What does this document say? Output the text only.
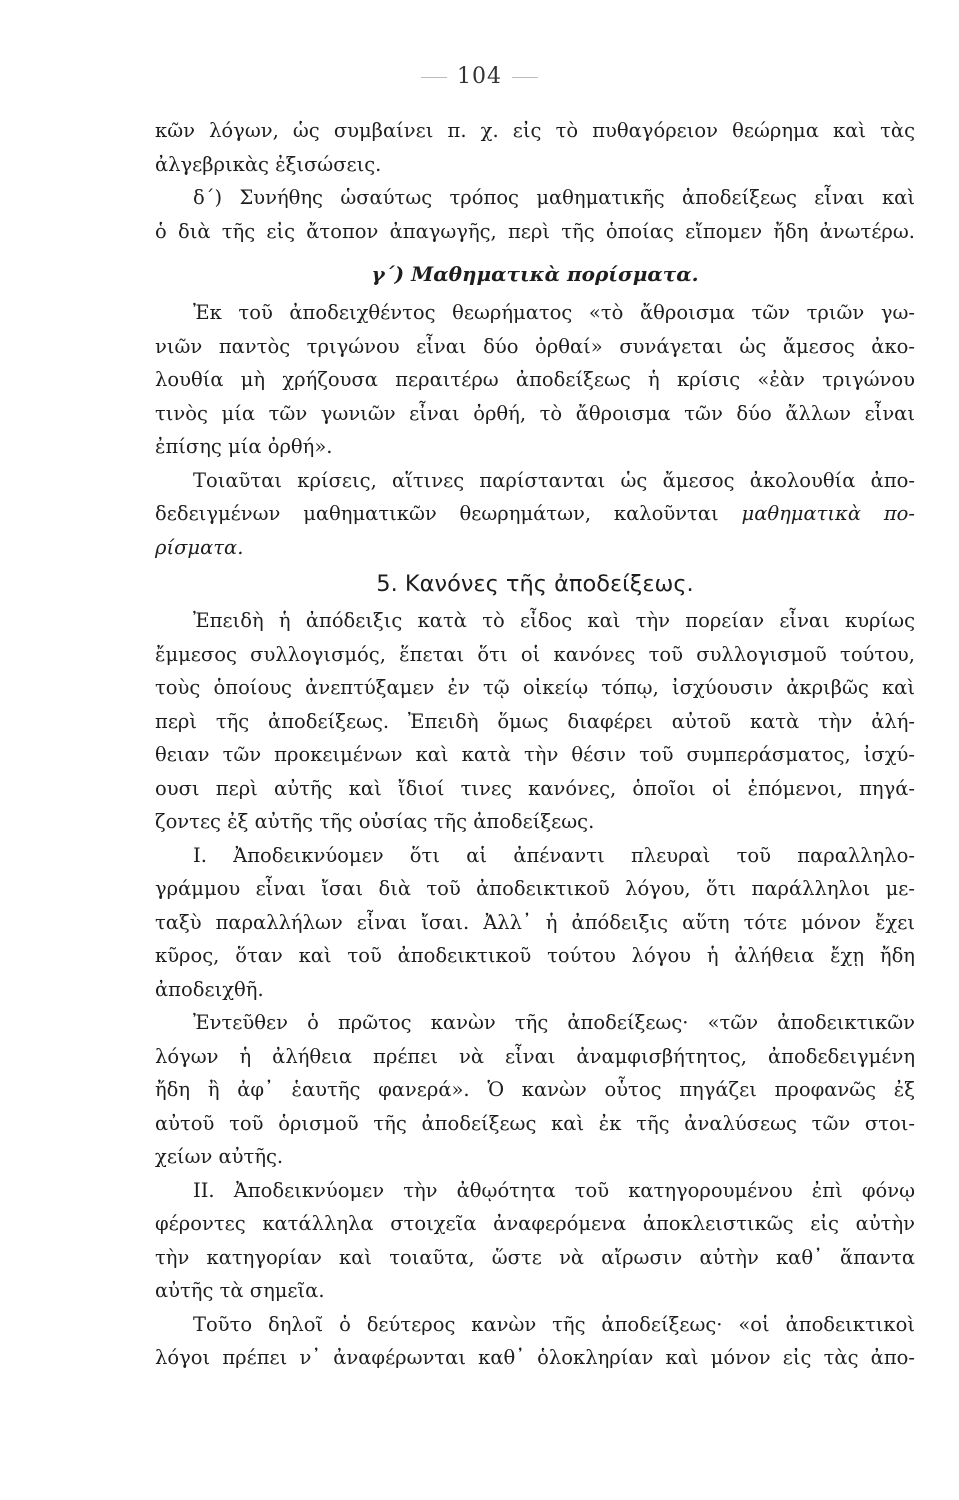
104
κῶν λόγων, ὡς συμβαίνει π. χ. εἰς τὸ πυθαγόρειον θεώρημα καὶ τὰς
ἀλγεβρικὰς ἐξισώσεις.
δ΄) Συνήθης ὡσαύτως τρόπος μαθηματικῆς ἀποδείξεως εἶναι καὶ
ὁ διὰ τῆς εἰς ἄτοπον ἀπαγωγῆς, περὶ τῆς ὁποίας εἴπομεν ἤδη ἀνωτέρω.
γ΄) Μαθηματικὰ πορίσματα.
Ἐκ τοῦ ἀποδειχθέντος θεωρήματος «τὸ ἄθροισμα τῶν τριῶν γω-
νιῶν παντὸς τριγώνου εἶναι δύο ὀρθαί» συνάγεται ὡς ἄμεσος ἀκο-
λουθία μὴ χρήζουσα περαιτέρω ἀποδείξεως ἡ κρίσις «ἐὰν τριγώνου
τινὸς μία τῶν γωνιῶν εἶναι ὀρθή, τὸ ἄθροισμα τῶν δύο ἄλλων εἶναι
ἐπίσης μία ὀρθή».
Τοιαῦται κρίσεις, αἵτινες παρίστανται ὡς ἄμεσος ἀκολουθία ἀπο-
δεδειγμένων μαθηματικῶν θεωρημάτων, καλοῦνται μαθηματικὰ πο-
ρίσματα.
5. Κανόνες τῆς ἀποδείξεως.
Ἐπειδὴ ἡ ἀπόδειξις κατὰ τὸ εἶδος καὶ τὴν πορείαν εἶναι κυρίως
ἔμμεσος συλλογισμός, ἕπεται ὅτι οἱ κανόνες τοῦ συλλογισμοῦ τούτου,
τοὺς ὁποίους ἀνεπτύξαμεν ἐν τῷ οἰκείῳ τόπῳ, ἰσχύουσιν ἀκριβῶς καὶ
περὶ τῆς ἀποδείξεως. Ἐπειδὴ ὅμως διαφέρει αὐτοῦ κατὰ τὴν ἀλή-
θειαν τῶν προκειμένων καὶ κατὰ τὴν θέσιν τοῦ συμπεράσματος, ἰσχύ-
ουσι περὶ αὐτῆς καὶ ἴδιοί τινες κανόνες, ὁποῖοι οἱ ἑπόμενοι, πηγά-
ζοντες ἐξ αὐτῆς τῆς οὐσίας τῆς ἀποδείξεως.
Ι. Ἀποδεικνύομεν ὅτι αἱ ἀπέναντι πλευραὶ τοῦ παραλληλο-
γράμμου εἶναι ἴσαι διὰ τοῦ ἀποδεικτικοῦ λόγου, ὅτι παράλληλοι με-
ταξὺ παραλλήλων εἶναι ἴσαι. Ἀλλ᾽ ἡ ἀπόδειξις αὕτη τότε μόνον ἔχει
κῦρος, ὅταν καὶ τοῦ ἀποδεικτικοῦ τούτου λόγου ἡ ἀλήθεια ἔχῃ ἤδη
ἀποδειχθῆ.
Ἐντεῦθεν ὁ πρῶτος κανὼν τῆς ἀποδείξεως· «τῶν ἀποδεικτικῶν
λόγων ἡ ἀλήθεια πρέπει νὰ εἶναι ἀναμφισβήτητος, ἀποδεδειγμένη
ἤδη ἢ ἀφ᾽ ἑαυτῆς φανερά». Ὁ κανὼν οὗτος πηγάζει προφανῶς ἐξ
αὐτοῦ τοῦ ὁρισμοῦ τῆς ἀποδείξεως καὶ ἐκ τῆς ἀναλύσεως τῶν στοι-
χείων αὐτῆς.
ΙΙ. Ἀποδεικνύομεν τὴν ἀθῳότητα τοῦ κατηγορουμένου ἐπὶ φόνῳ
φέροντες κατάλληλα στοιχεῖα ἀναφερόμενα ἀποκλειστικῶς εἰς αὐτὴν
τὴν κατηγορίαν καὶ τοιαῦτα, ὥστε νὰ αἴρωσιν αὐτὴν καθ᾽ ἅπαντα
αὐτῆς τὰ σημεῖα.
Τοῦτο δηλοῖ ὁ δεύτερος κανὼν τῆς ἀποδείξεως· «οἱ ἀποδεικτικοὶ
λόγοι πρέπει ν᾽ ἀναφέρωνται καθ᾽ ὁλοκληρίαν καὶ μόνον εἰς τὰς ἀπο-
